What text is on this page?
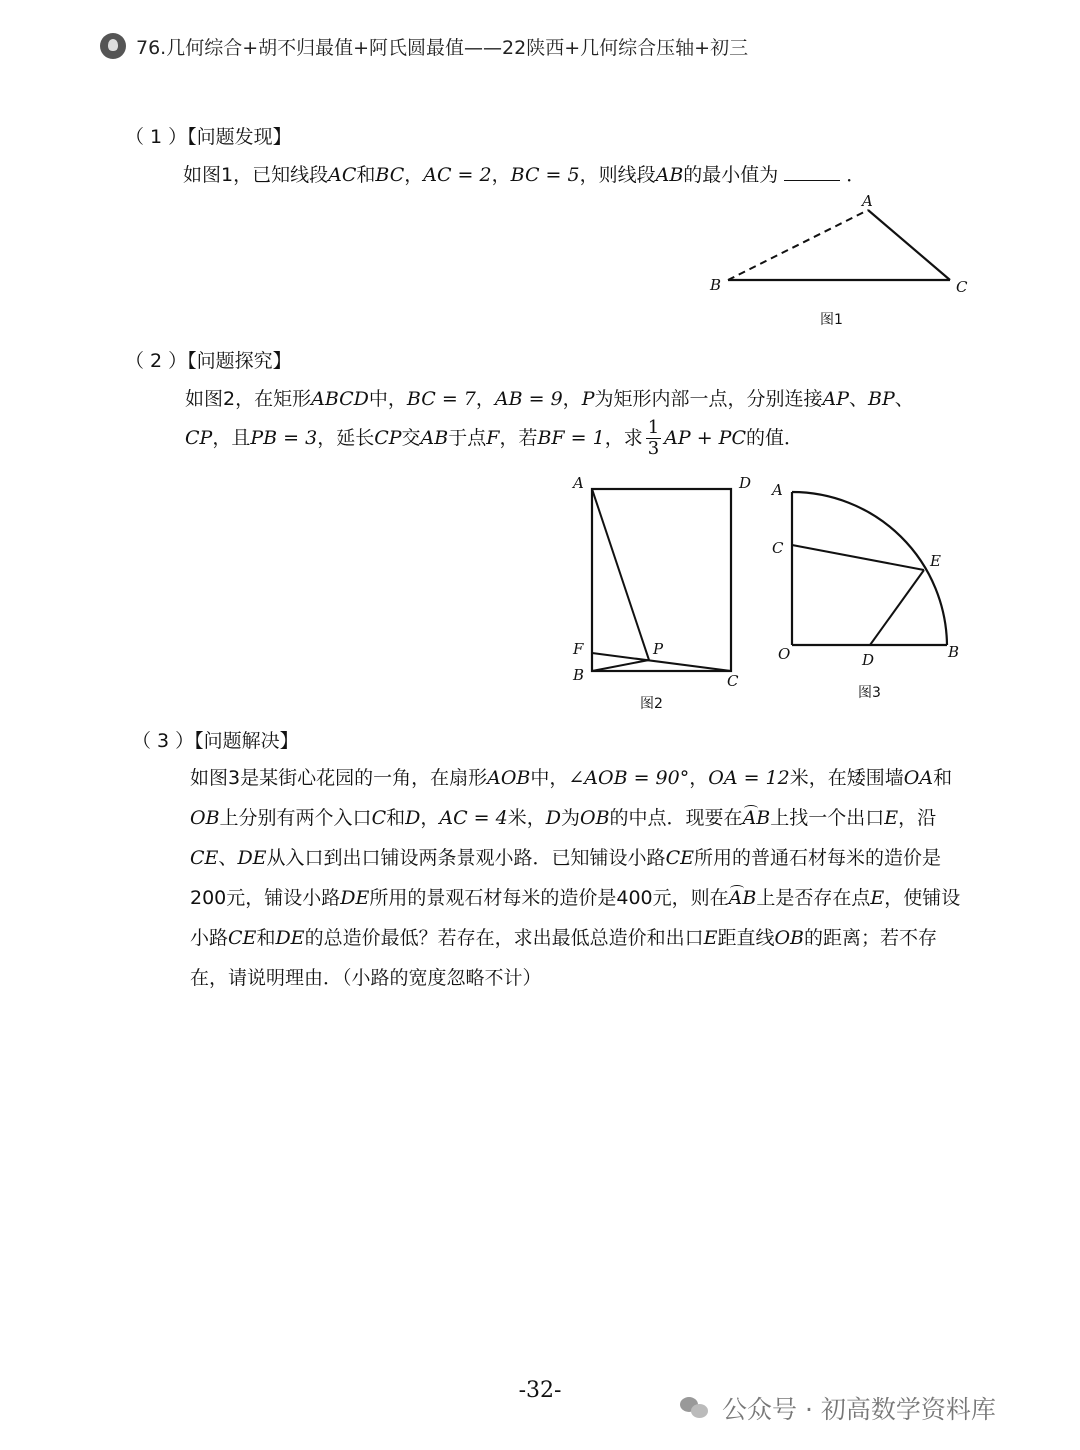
76.几何综合+胡不归最值+阿氏圆最值——22陕西+几何综合压轴+初三
（ 1 ）【问题发现】
如图1，已知线段AC和BC，AC = 2，BC = 5，则线段AB的最小值为	．
A
B	C
图1
（ 2 ）【问题探究】
如图2，在矩形ABCD中，BC = 7，AB = 9，P为矩形内部一点，分别连接AP、BP、
CP，且PB = 3，延长CP交AB于点F，若BF = 1，求 $\frac{1}{3}$ AP + PC的值．
A	D
F	P
B	C
图2
A
C
E
O	D	B
图3
（ 3 ）【问题解决】
如图3是某街心花园的一角，在扇形AOB中，∠AOB = 90°，OA = 12米，在矮围墙OA和
OB上分别有两个入口C和D，AC = 4米，D为OB的中点．现要在AB上找一个出口E，沿
CE、DE从入口到出口铺设两条景观小路．已知铺设小路CE所用的普通石材每米的造价是
200元，铺设小路DE所用的景观石材每米的造价是400元，则在AB上是否存在点E，使铺设
小路CE和DE的总造价最低？若存在，求出最低总造价和出口E距直线OB的距离；若不存
在，请说明理由．（小路的宽度忽略不计）
-32-
公众号 · 初高数学资料库
